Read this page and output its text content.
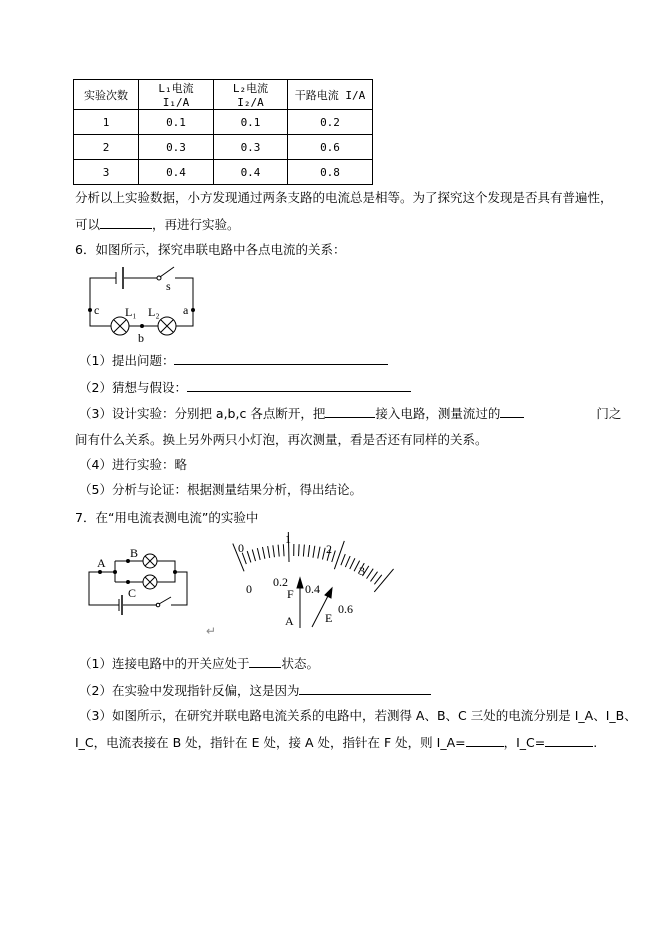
实验次数	L₁电流 I₁/A	L₂电流 I₂/A	干路电流 I/A
1	0.1	0.1	0.2
2	0.3	0.3	0.6
3	0.4	0.4	0.8
分析以上实验数据，小方发现通过两条支路的电流总是相等。为了探究这个发现是否具有普遍性，
可以	，再进行实验。
6．如图所示，探究串联电路中各点电流的关系：
（1）提出问题：
（2）猜想与假设：
（3）设计实验：分别把 a,b,c 各点断开，把	接入电路，测量流过的	门之
间有什么关系。换上另外两只小灯泡，再次测量，看是否还有同样的关系。
（4）进行实验：略
（5）分析与论证：根据测量结果分析，得出结论。
7．在“用电流表测电流”的实验中
（1）连接电路中的开关应处于	状态。
（2）在实验中发现指针反偏，这是因为
（3）如图所示，在研究并联电路电流关系的电路中，若测得 A、B、C 三处的电流分别是 I_A、I_B、
I_C，电流表接在 B 处，指针在 E 处，接 A 处，指针在 F 处，则 I_A=	，I_C=	.
c	a
b
s
L₁ L₂
A
B
C
0
1
2
3
0 0.2 0.4
0.6
F
E
A
↵
